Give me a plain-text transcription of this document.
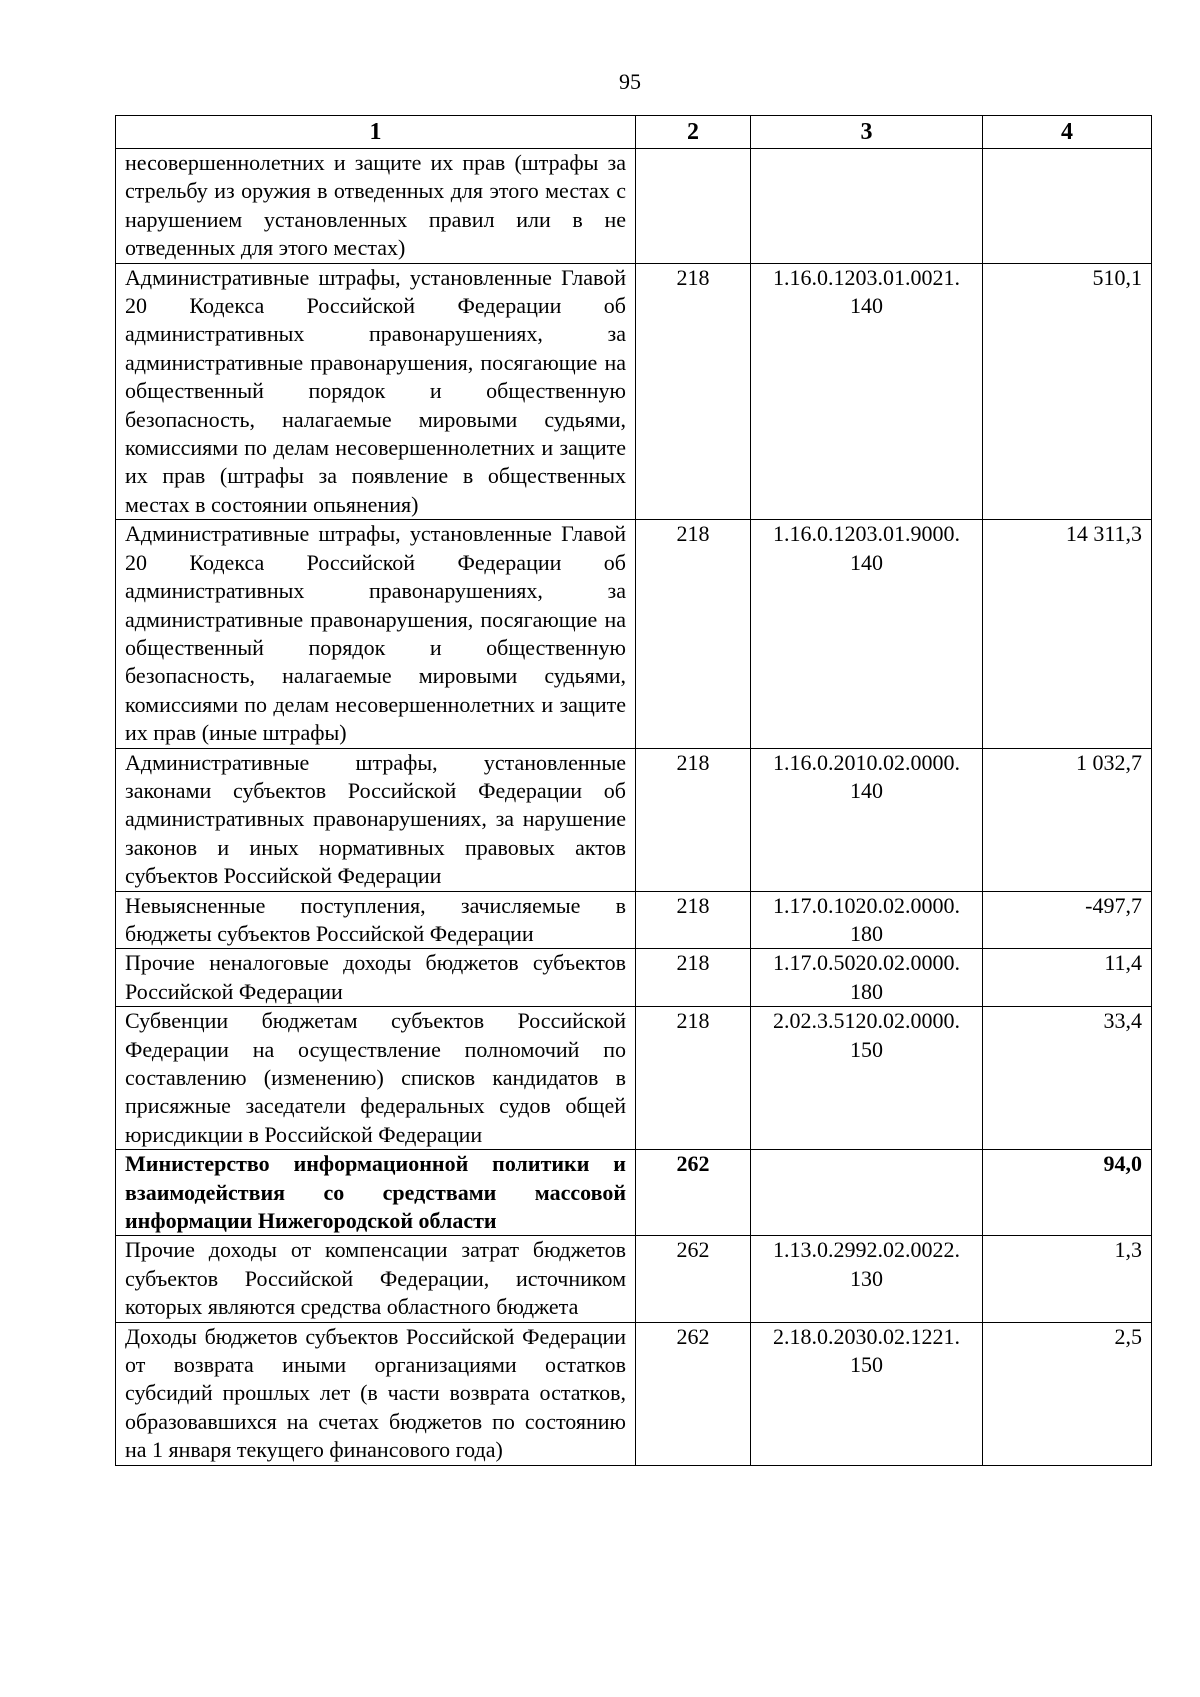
95
1	2	3	4
несовершеннолетних и защите их прав (штрафы за стрельбу из оружия в отведенных для этого местах с нарушением установленных правил или в не отведенных для этого местах)			
Административные штрафы, установленные Главой 20 Кодекса Российской Федерации об административных правонарушениях, за административные правонарушения, посягающие на общественный порядок и общественную безопасность, налагаемые мировыми судьями, комиссиями по делам несовершеннолетних и защите их прав (штрафы за появление в общественных местах в состоянии опьянения)	218	1.16.0.1203.01.0021. 140	510,1
Административные штрафы, установленные Главой 20 Кодекса Российской Федерации об административных правонарушениях, за административные правонарушения, посягающие на общественный порядок и общественную безопасность, налагаемые мировыми судьями, комиссиями по делам несовершеннолетних и защите их прав (иные штрафы)	218	1.16.0.1203.01.9000. 140	14 311,3
Административные штрафы, установленные законами субъектов Российской Федерации об административных правонарушениях, за нарушение законов и иных нормативных правовых актов субъектов Российской Федерации	218	1.16.0.2010.02.0000. 140	1 032,7
Невыясненные поступления, зачисляемые в бюджеты субъектов Российской Федерации	218	1.17.0.1020.02.0000. 180	-497,7
Прочие неналоговые доходы бюджетов субъектов Российской Федерации	218	1.17.0.5020.02.0000. 180	11,4
Субвенции бюджетам субъектов Российской Федерации на осуществление полномочий по составлению (изменению) списков кандидатов в присяжные заседатели федеральных судов общей юрисдикции в Российской Федерации	218	2.02.3.5120.02.0000. 150	33,4
Министерство информационной политики и взаимодействия со средствами массовой информации Нижегородской области	262		94,0
Прочие доходы от компенсации затрат бюджетов субъектов Российской Федерации, источником которых являются средства областного бюджета	262	1.13.0.2992.02.0022. 130	1,3
Доходы бюджетов субъектов Российской Федерации от возврата иными организациями остатков субсидий прошлых лет (в части возврата остатков, образовавшихся на счетах бюджетов по состоянию на 1 января текущего финансового года)	262	2.18.0.2030.02.1221. 150	2,5
